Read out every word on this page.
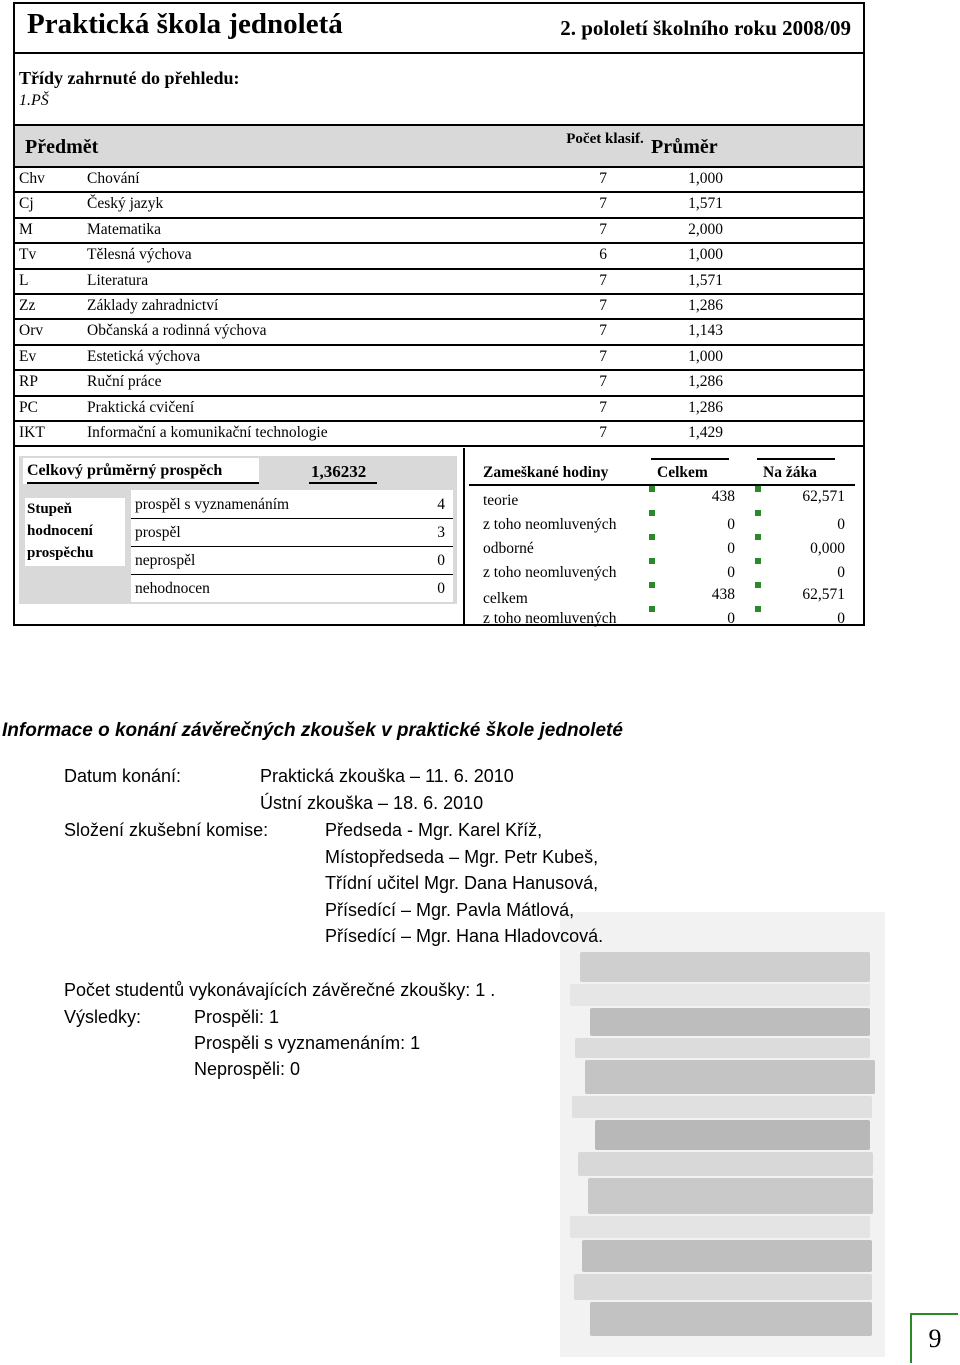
Praktická škola jednoletá	2. pololetí školního roku 2008/09
Třídy zahrnuté do přehledu:
1.PŠ
Předmět	Počet klasif. Průměr
Chv	Chování	7	1,000
Cj	Český jazyk	7	1,571
M	Matematika	7	2,000
Tv	Tělesná výchova	6	1,000
L	Literatura	7	1,571
Zz	Základy zahradnictví	7	1,286
Orv	Občanská a rodinná výchova	7	1,143
Ev	Estetická výchova	7	1,000
RP	Ruční práce	7	1,286
PC	Praktická cvičení	7	1,286
IKT	Informační a komunikační technologie	7	1,429
Celkový průměrný prospěch	1,36232
Stupeň
hodnocení
prospěchu
prospěl s vyznamenáním	4
prospěl	3
neprospěl	0
nehodnocen	0
Zameškané hodiny	Celkem	Na žáka
teorie	438	62,571
z toho neomluvených	0	0
odborné	0	0,000
z toho neomluvených	0	0
celkem	438	62,571
z toho neomluvených	0	0
Informace o konání závěrečných zkoušek v praktické škole jednoleté
Datum konání:	Praktická zkouška – 11. 6. 2010
Ústní zkouška – 18. 6. 2010
Složení zkušební komise:	Předseda - Mgr. Karel Kříž,
Místopředseda – Mgr. Petr Kubeš,
Třídní učitel Mgr. Dana Hanusová,
Přísedící – Mgr. Pavla Mátlová,
Přísedící – Mgr. Hana Hladovcová.
Počet studentů vykonávajících závěrečné zkoušky: 1 .
Výsledky:	Prospěli: 1
Prospěli s vyznamenáním: 1
Neprospěli: 0
9
